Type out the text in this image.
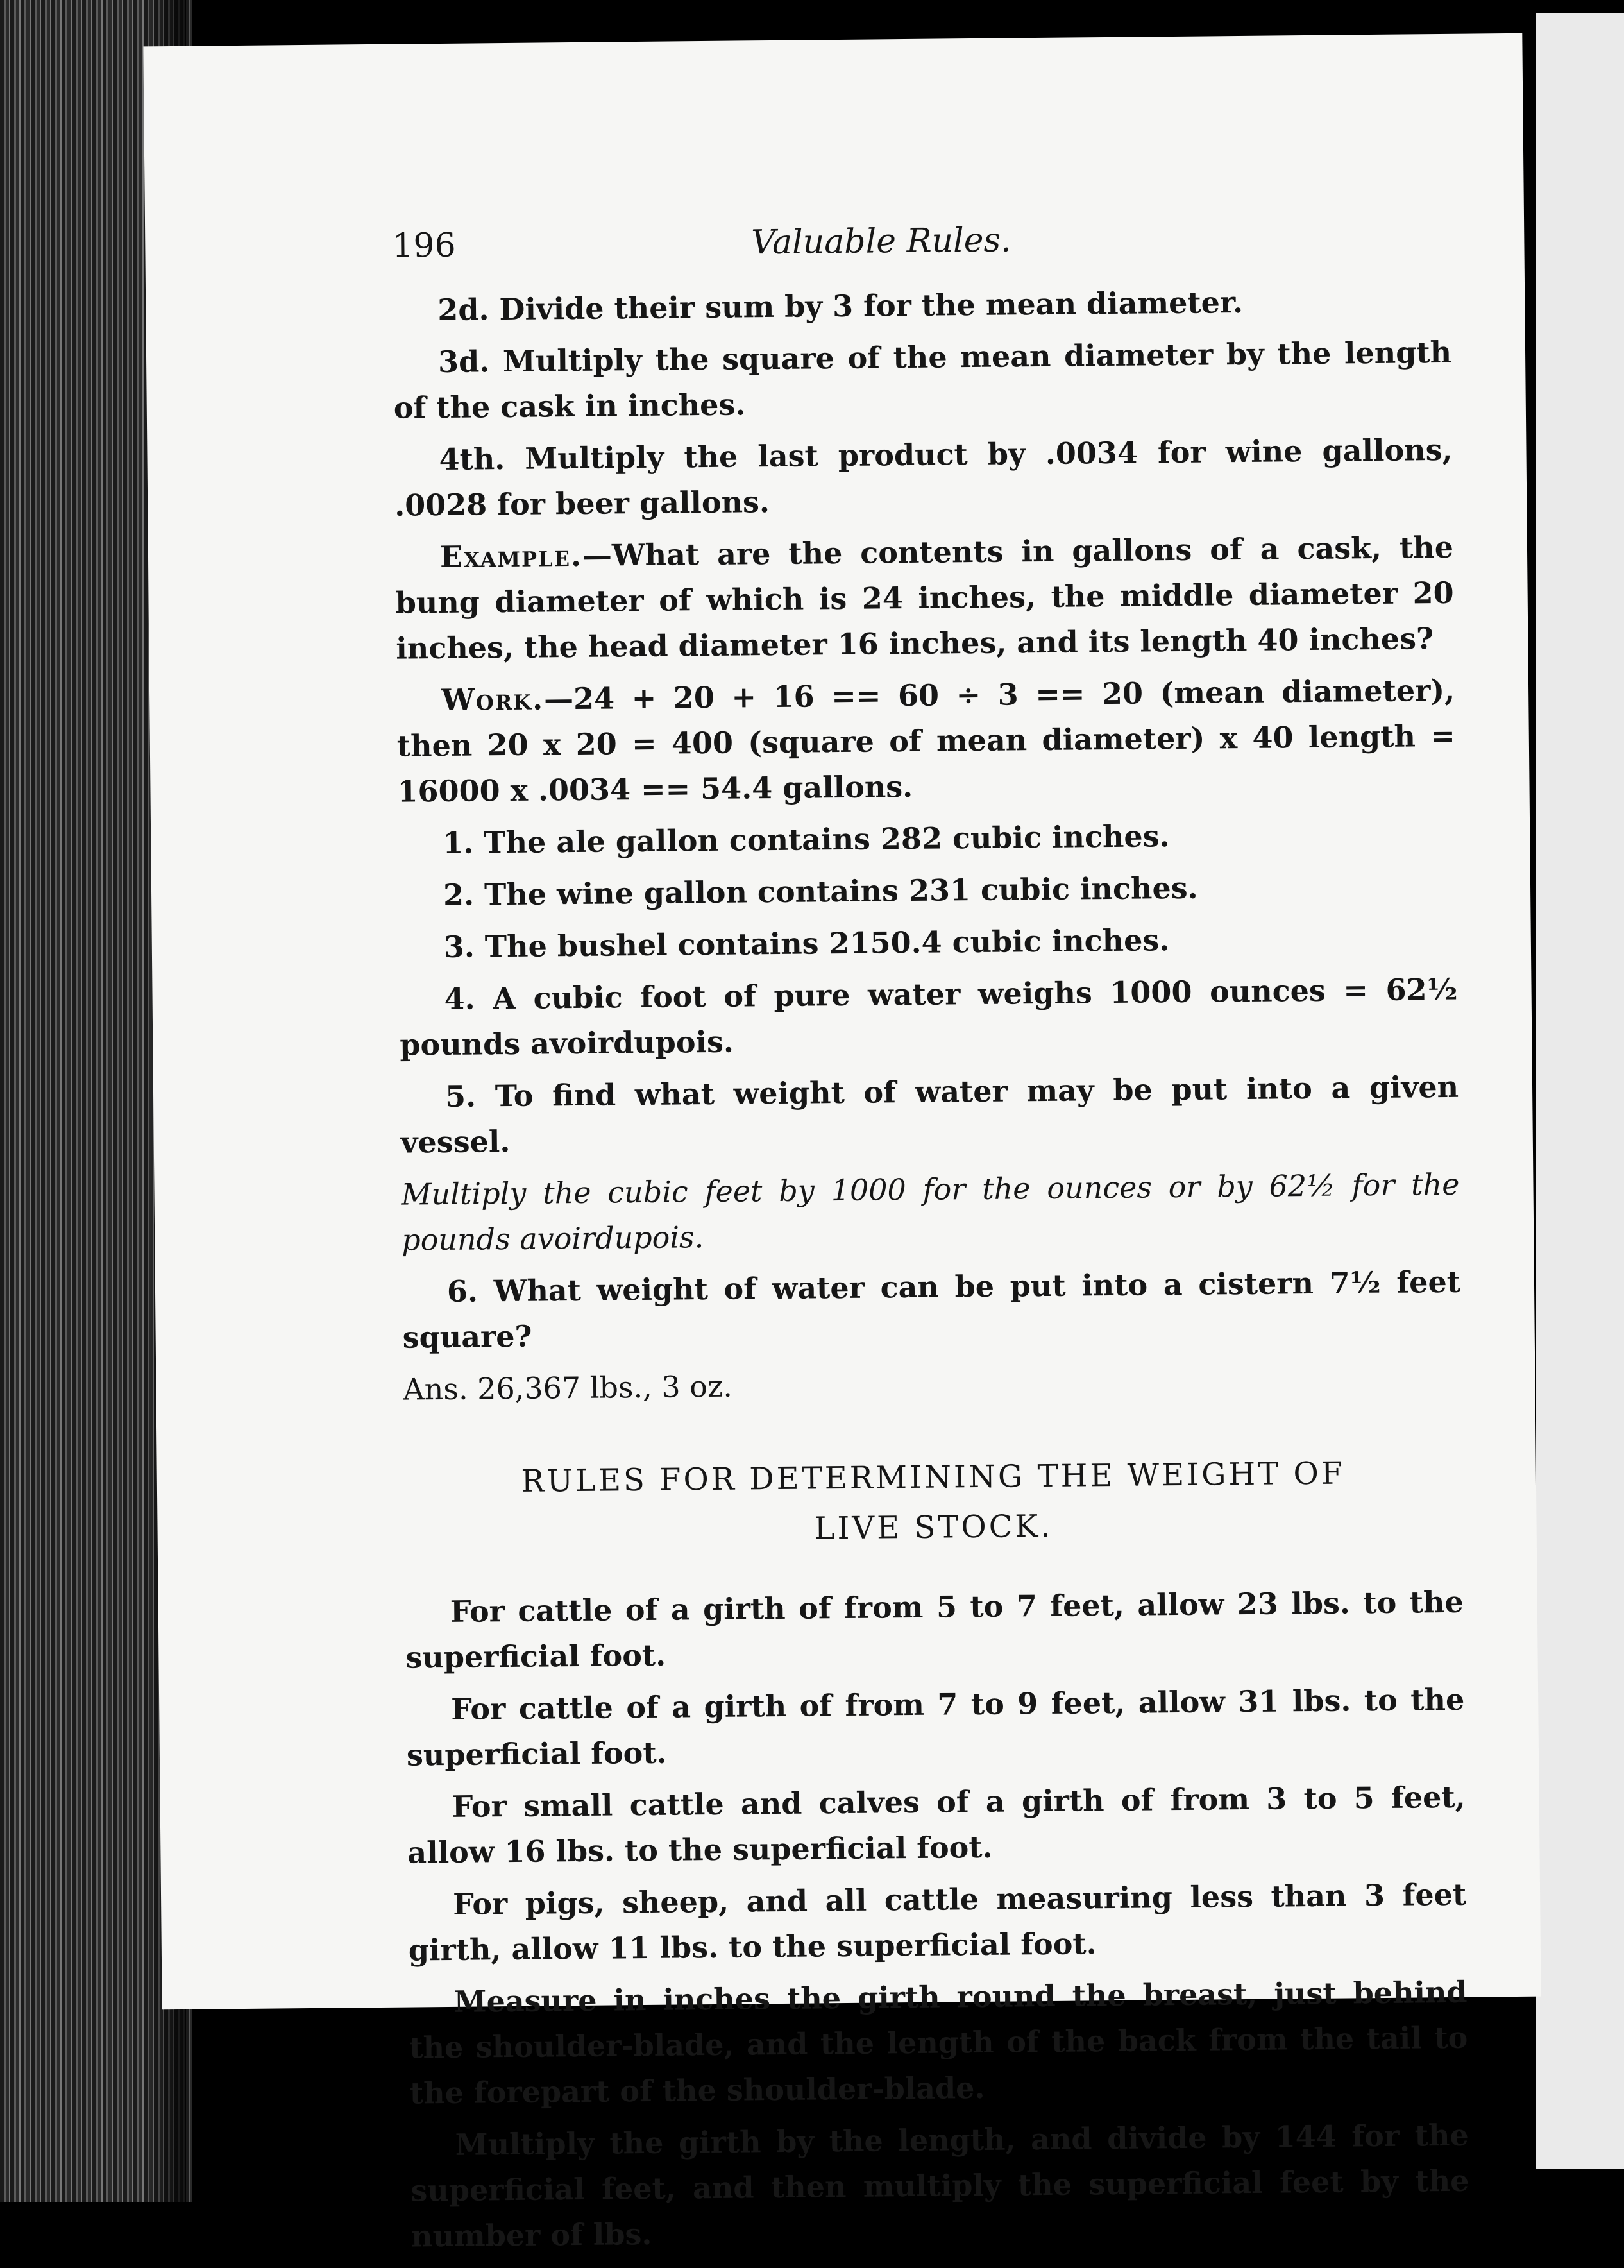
196	Valuable Rules.

2d. Divide their sum by 3 for the mean diameter.

3d. Multiply the square of the mean diameter by the length of the cask in inches.

4th. Multiply the last product by .0034 for wine gallons, .0028 for beer gallons.

Example.—What are the contents in gallons of a cask, the bung diameter of which is 24 inches, the middle diameter 20 inches, the head diameter 16 inches, and its length 40 inches?

Work.—24 + 20 + 16 == 60 ÷ 3 == 20 (mean diameter), then 20 x 20 = 400 (square of mean diameter) x 40 length = 16000 x .0034 == 54.4 gallons.

1. The ale gallon contains 282 cubic inches.

2. The wine gallon contains 231 cubic inches.

3. The bushel contains 2150.4 cubic inches.

4. A cubic foot of pure water weighs 1000 ounces = 62½ pounds avoirdupois.

5. To find what weight of water may be put into a given vessel.

Multiply the cubic feet by 1000 for the ounces or by 62½ for the pounds avoirdupois.

6. What weight of water can be put into a cistern 7½ feet square?

Ans. 26,367 lbs., 3 oz.

RULES FOR DETERMINING THE WEIGHT OF
LIVE STOCK.

For cattle of a girth of from 5 to 7 feet, allow 23 lbs. to the superficial foot.

For cattle of a girth of from 7 to 9 feet, allow 31 lbs. to the superficial foot.

For small cattle and calves of a girth of from 3 to 5 feet, allow 16 lbs. to the superficial foot.

For pigs, sheep, and all cattle measuring less than 3 feet girth, allow 11 lbs. to the superficial foot.

Measure in inches the girth round the breast, just behind the shoulder-blade, and the length of the back from the tail to the forepart of the shoulder-blade.

Multiply the girth by the length, and divide by 144 for the superficial feet, and then multiply the superficial feet by the number of lbs.
